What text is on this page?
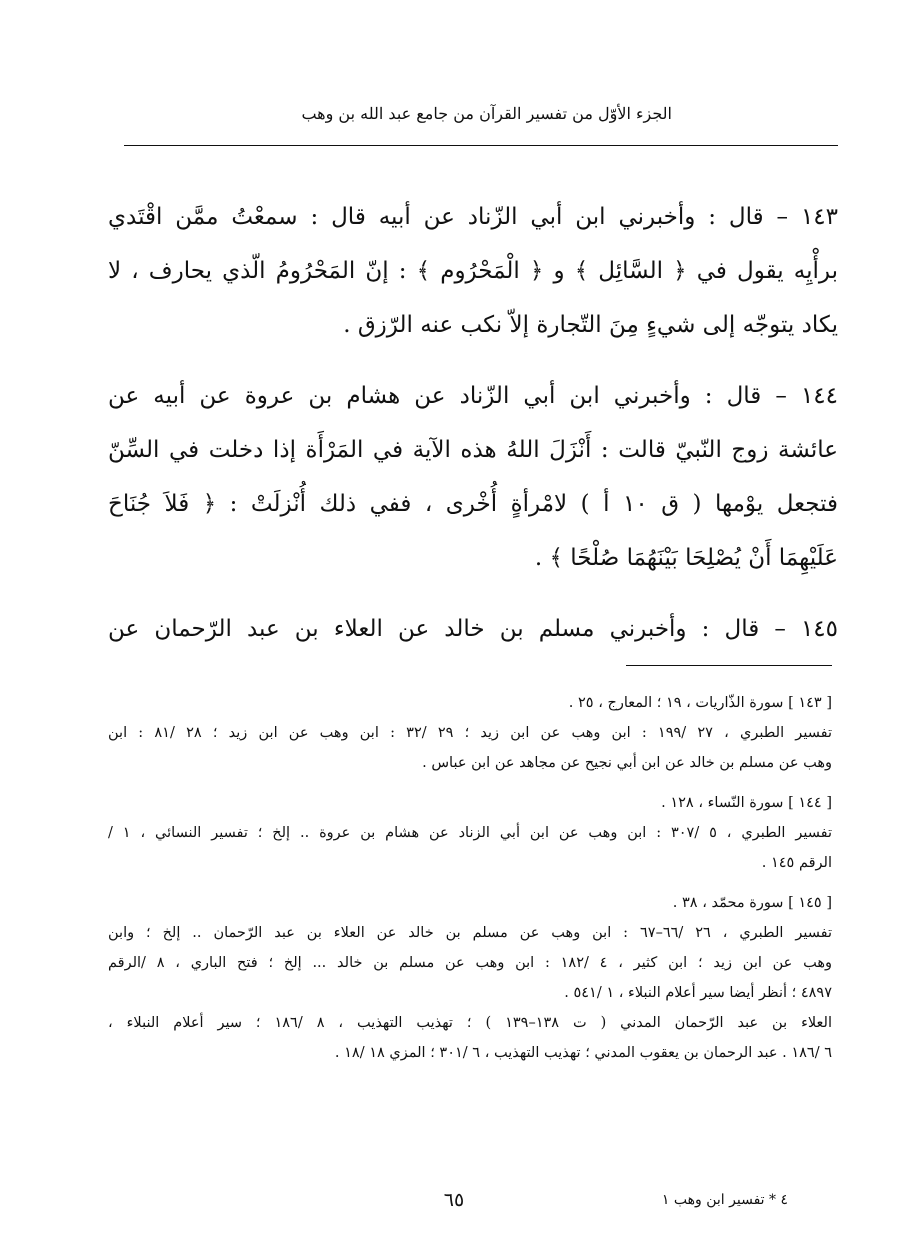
الجزء الأوّل من تفسير القرآن من جامع عبد الله بن وهب
١٤٣ – قال : وأخبرني ابن أبي الزّناد عن أبيه قال : سمعْتُ ممَّن اقْتَدي
برأْيِه يقول في ﴿ السَّائِل ﴾ و ﴿ الْمَحْرُوم ﴾ : إنّ المَحْرُومُ الّذي يحارف ، لا
يكاد يتوجّه إلى شيءٍ مِنَ التّجارة إلاّ نكب عنه الرّزق .
١٤٤ – قال : وأخبرني ابن أبي الزّناد عن هشام بن عروة عن أبيه عن
عائشة زوج النّبيّ قالت : أَنْزَلَ اللهُ هذه الآية في المَرْأَة إذا دخلت في السِّنّ
فتجعل يوْمها ( ق ١٠ أ ) لامْرأةٍ أُخْرى ، ففي ذلك أُنْزلَتْ : ﴿ فَلاَ جُنَاحَ
عَلَيْهِمَا أَنْ يُصْلِحَا بَيْنَهُمَا صُلْحًا ﴾ .
١٤٥ – قال : وأخبرني مسلم بن خالد عن العلاء بن عبد الرّحمان عن
[ ١٤٣ ] سورة الذّاريات ، ١٩ ؛ المعارج ، ٢٥ .
تفسير الطبري ، ٢٧ /١٩٩ : ابن وهب عن ابن زيد ؛ ٢٩ /٣٢ : ابن وهب عن ابن زيد ؛ ٢٨ /٨١ : ابن
وهب عن مسلم بن خالد عن ابن أبي نجيح عن مجاهد عن ابن عباس .
[ ١٤٤ ] سورة النّساء ، ١٢٨ .
تفسير الطبري ، ٥ /٣٠٧ : ابن وهب عن ابن أبي الزناد عن هشام بن عروة .. إلخ ؛ تفسير النسائي ، ١ /
الرقم ١٤٥ .
[ ١٤٥ ] سورة محمّد ، ٣٨ .
تفسير الطبري ، ٢٦ /٦٦–٦٧ : ابن وهب عن مسلم بن خالد عن العلاء بن عبد الرّحمان .. إلخ ؛ وابن
وهب عن ابن زيد ؛ ابن كثير ، ٤ /١٨٢ : ابن وهب عن مسلم بن خالد ... إلخ ؛ فتح الباري ، ٨ /الرقم
٤٨٩٧ ؛ أنظر أيضا سير أعلام النبلاء ، ١ /٥٤١ .
العلاء بن عبد الرّحمان المدني ( ت ١٣٨–١٣٩ ) ؛ تهذيب التهذيب ، ٨ /١٨٦ ؛ سير أعلام النبلاء ،
٦ /١٨٦ . عبد الرحمان بن يعقوب المدني ؛ تهذيب التهذيب ، ٦ /٣٠١ ؛ المزي ١٨ /١٨ .
٦٥	٤ * تفسير ابن وهب ١
